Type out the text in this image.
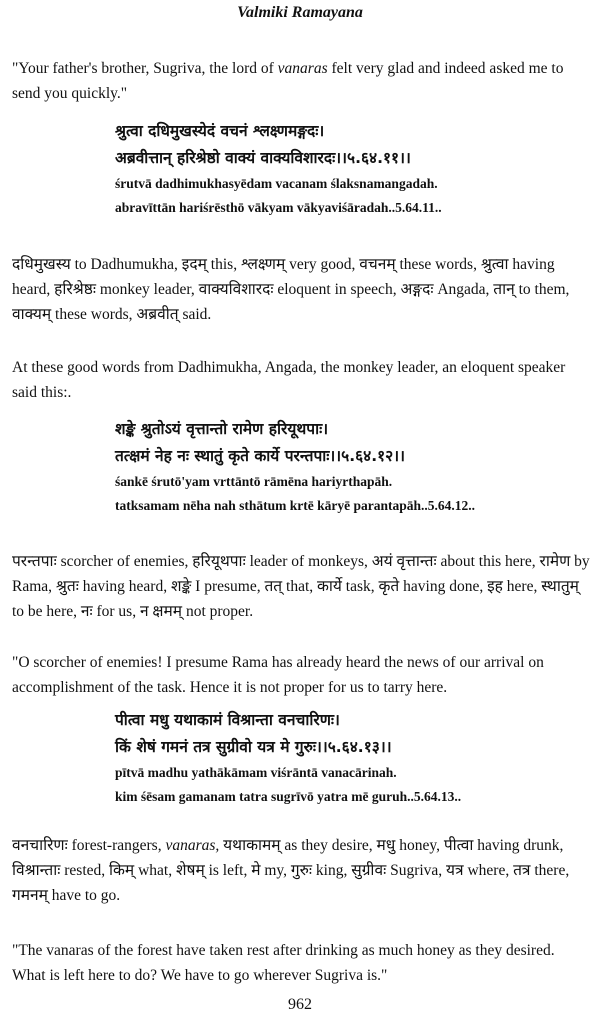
Valmiki Ramayana
"Your father's brother, Sugriva, the lord of vanaras felt very glad and indeed asked me to send you quickly."
श्रुत्वा दधिमुखस्येदं वचनं श्लक्ष्णमङ्गदः।
अब्रवीत्तान् हरिश्रेष्ठो वाक्यं वाक्यविशारदः।।५.६४.११।।
śrutvā dadhimukhasyēdam vacanam ślaksnamangadah.
abravīttān hariśrēsthō vākyam vākyaviśāradah..5.64.11..
दधिमुखस्य to Dadhumukha, इदम् this, श्लक्ष्णम् very good, वचनम् these words, श्रुत्वा having heard, हरिश्रेष्ठः monkey leader, वाक्यविशारदः eloquent in speech, अङ्गदः Angada, तान् to them, वाक्यम् these words, अब्रवीत् said.
At these good words from Dadhimukha, Angada, the monkey leader, an eloquent speaker said this:.
शङ्के श्रुतोऽयं वृत्तान्तो रामेण हरियूथपाः।
तत्क्षमं नेह नः स्थातुं कृते कार्ये परन्तपाः।।५.६४.१२।।
śankē śrutō'yam vrttāntō rāmēna hariyrthapāh.
tatksamam nēha nah sthātum krtē kāryē parantapāh..5.64.12..
परन्तपाः scorcher of enemies, हरियूथपाः leader of monkeys, अयं वृत्तान्तः about this here, रामेण by Rama, श्रुतः having heard, शङ्के I presume, तत् that, कार्ये task, कृते having done, इह here, स्थातुम् to be here, नः for us, न क्षमम् not proper.
"O scorcher of enemies! I presume Rama has already heard the news of our arrival on accomplishment of the task. Hence it is not proper for us to tarry here.
पीत्वा मधु यथाकामं विश्रान्ता वनचारिणः।
किं शेषं गमनं तत्र सुग्रीवो यत्र मे गुरुः।।५.६४.१३।।
pītvā madhu yathākāmam viśrāntā vanacārinah.
kim śēsam gamanam tatra sugrīvō yatra mē guruh..5.64.13..
वनचारिणः forest-rangers, vanaras, यथाकामम् as they desire, मधु honey, पीत्वा having drunk, विश्रान्ताः rested, किम् what, शेषम् is left, मे my, गुरुः king, सुग्रीवः Sugriva, यत्र where, तत्र there, गमनम् have to go.
"The vanaras of the forest have taken rest after drinking as much honey as they desired. What is left here to do? We have to go wherever Sugriva is."
962
